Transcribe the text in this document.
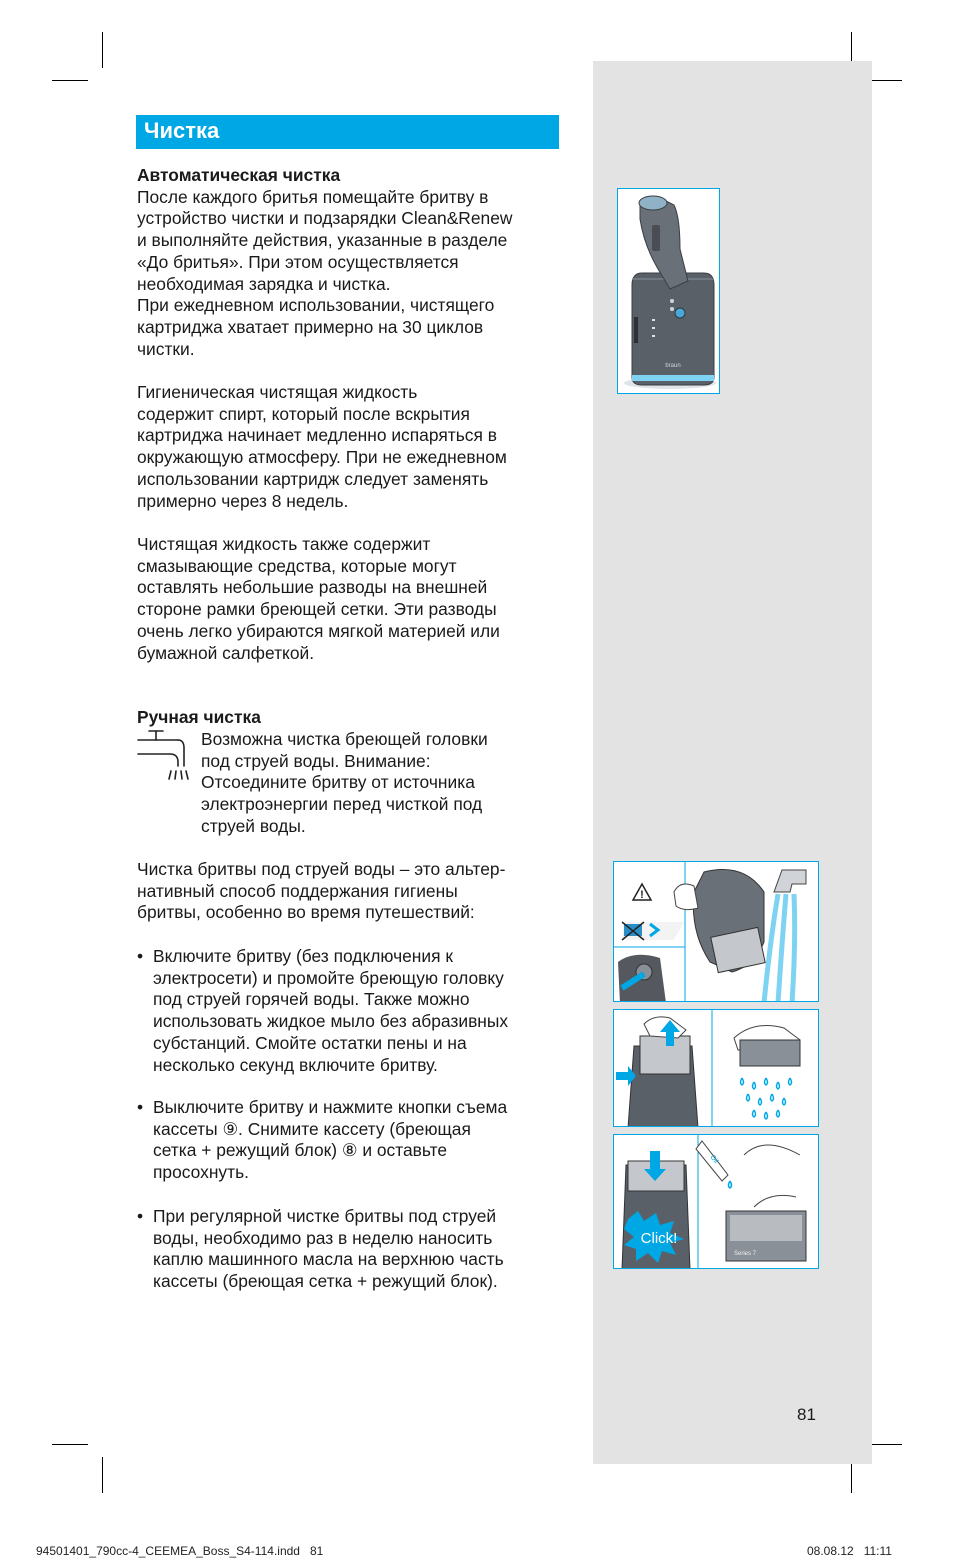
Чистка
Автоматическая чистка
После каждого бритья помещайте бритву в
устройство чистки и подзарядки Clean&Renew
и выполняйте действия, указанные в разделе
«До бритья». При этом осуществляется
необходимая зарядка и чистка.
При ежедневном использовании, чистящего
картриджа хватает примерно на 30 циклов
чистки.
Гигиеническая чистящая жидкость
содержит спирт, который после вскрытия
картриджа начинает медленно испаряться в
окружающую атмосферу. При не ежедневном
использовании картридж следует заменять
примерно через 8 недель.
Чистящая жидкость также содержит
смазывающие средства, которые могут
оставлять небольшие разводы на внешней
стороне рамки бреющей сетки. Эти разводы
очень легко убираются мягкой материей или
бумажной салфеткой.
Ручная чистка
Возможна чистка бреющей головки
под струей воды. Внимание:
Отсоедините бритву от источника
электроэнергии перед чисткой под
струей воды.
Чистка бритвы под струей воды – это альтер-
нативный способ поддержания гигиены
бритвы, особенно во время путешествий:
• Включите бритву (без подключения к
электросети) и промойте бреющую головку
под струей горячей воды. Также можно
использовать жидкое мыло без абразивных
субстанций. Смойте остатки пены и на
несколько секунд включите бритву.
• Выключите бритву и нажмите кнопки съема
кассеты ⑨. Снимите кассету (бреющая
сетка + режущий блок) ⑧ и оставьте
просохнуть.
• При регулярной чистке бритвы под струей
воды, необходимо раз в неделю наносить
каплю машинного масла на верхнюю часть
кассеты (бреющая сетка + режущий блок).
braun
!
Click!
Oil
Series 7
81
94501401_790cc-4_CEEMEA_Boss_S4-114.indd   81	08.08.12   11:11
